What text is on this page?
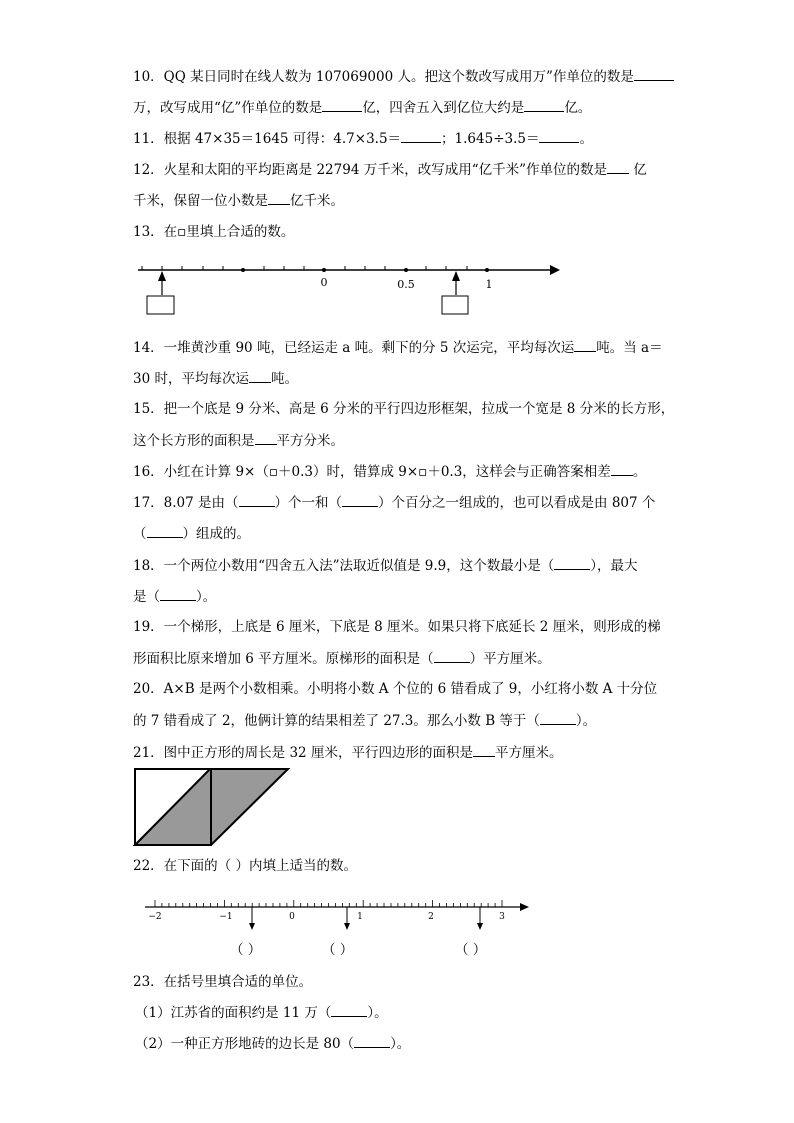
10．QQ 某日同时在线人数为 107069000 人。把这个数改写成用万”作单位的数是
万，改写成用“亿”作单位的数是	亿，四舍五入到亿位大约是	亿。
11．根据 47×35＝1645 可得：4.7×3.5＝	；1.645÷3.5＝	。
12．火星和太阳的平均距离是 22794 万千米，改写成用“亿千米”作单位的数是 亿
千米，保留一位小数是 亿千米。
13．在▫里填上合适的数。
0	0.5	1
14．一堆黄沙重 90 吨，已经运走 a 吨。剩下的分 5 次运完，平均每次运 吨。当 a＝
30 时，平均每次运 吨。
15．把一个底是 9 分米、高是 6 分米的平行四边形框架，拉成一个宽是 8 分米的长方形，
这个长方形的面积是 平方分米。
16．小红在计算 9×（▫＋0.3）时，错算成 9×▫＋0.3，这样会与正确答案相差 。
17．8.07 是由（	）个一和（	）个百分之一组成的，也可以看成是由 807 个
（	）组成的。
18．一个两位小数用“四舍五入法”法取近似值是 9.9，这个数最小是（	），最大
是（	）。
19．一个梯形，上底是 6 厘米，下底是 8 厘米。如果只将下底延长 2 厘米，则形成的梯
形面积比原来增加 6 平方厘米。原梯形的面积是（	）平方厘米。
20．A×B 是两个小数相乘。小明将小数 A 个位的 6 错看成了 9，小红将小数 A 十分位
的 7 错看成了 2，他俩计算的结果相差了 27.3。那么小数 B 等于（	）。
21．图中正方形的周长是 32 厘米，平行四边形的面积是 平方厘米。
22．在下面的（ ）内填上适当的数。
−2	−1	0	1	2	3
（ ）	（ ）	（ ）
23．在括号里填合适的单位。
（1）江苏省的面积约是 11 万（	）。
（2）一种正方形地砖的边长是 80（	）。
